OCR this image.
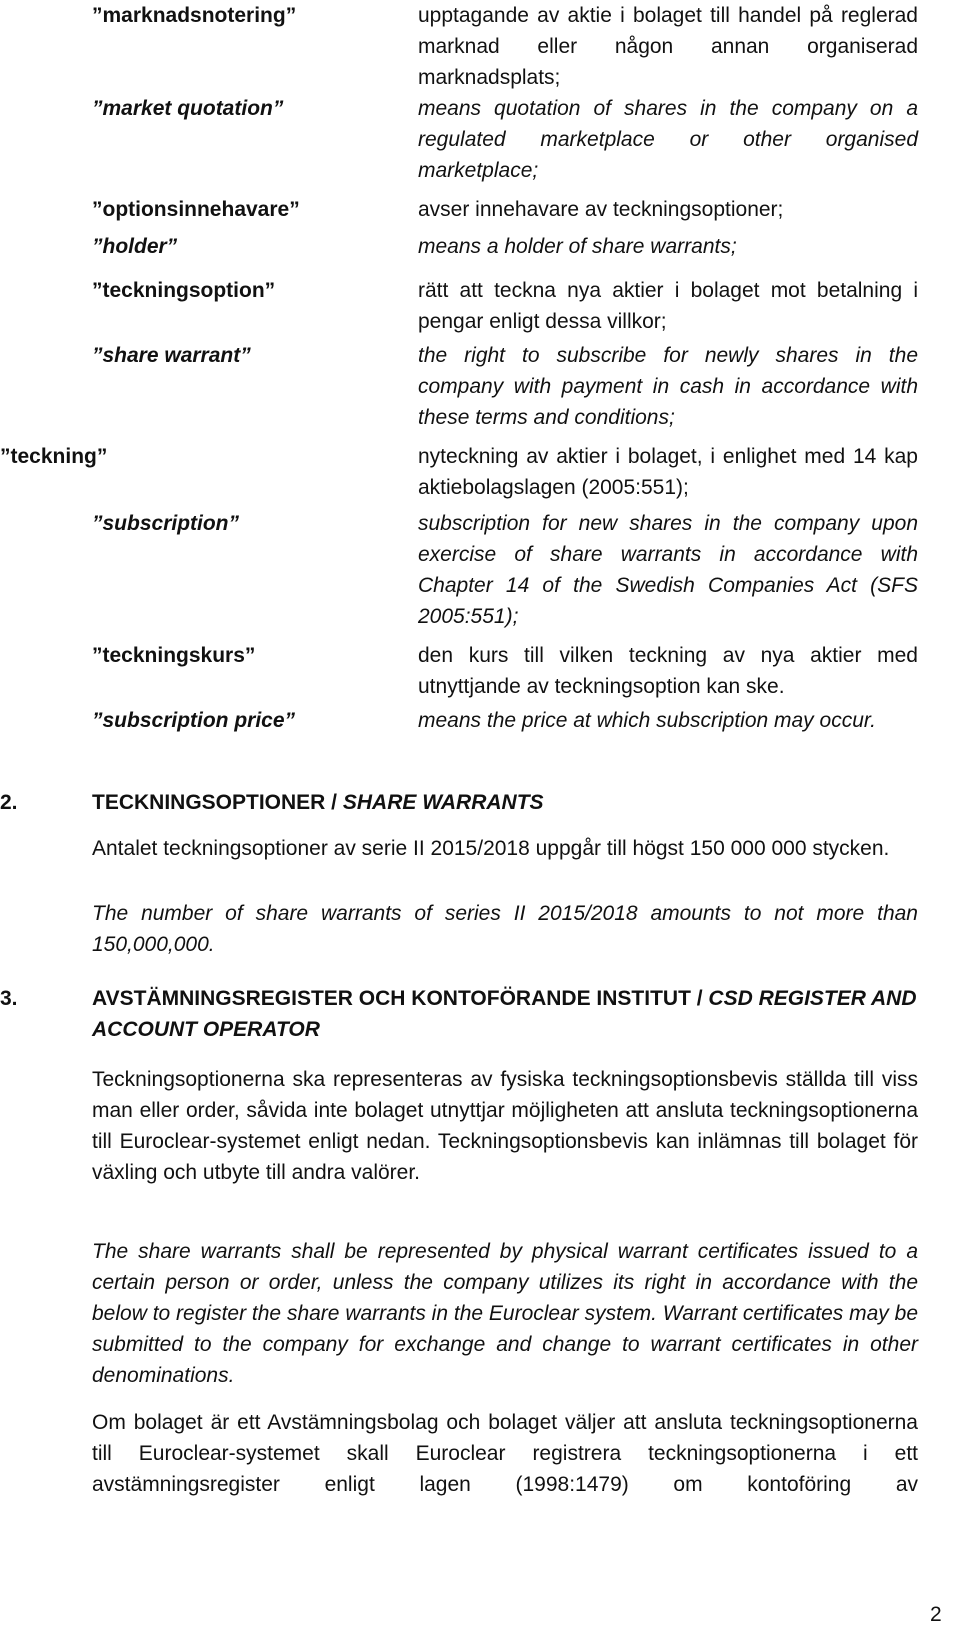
”marknadsnotering”	upptagande av aktie i bolaget till handel på reglerad marknad eller någon annan organiserad marknadsplats;
”market quotation”	means quotation of shares in the company on a regulated marketplace or other organised marketplace;
”optionsinnehavare”	avser innehavare av teckningsoptioner;
”holder”	means a holder of share warrants;
”teckningsoption”	rätt att teckna nya aktier i bolaget mot betalning i pengar enligt dessa villkor;
”share warrant”	the right to subscribe for newly shares in the company with payment in cash in accordance with these terms and conditions;
”teckning”	nyteckning av aktier i bolaget, i enlighet med 14 kap aktiebolagslagen (2005:551);
”subscription”	subscription for new shares in the company upon exercise of share warrants in accordance with Chapter 14 of the Swedish Companies Act (SFS 2005:551);
”teckningskurs”	den kurs till vilken teckning av nya aktier med utnyttjande av teckningsoption kan ske.
”subscription price”	means the price at which subscription may occur.
2.	TECKNINGSOPTIONER / SHARE WARRANTS
Antalet teckningsoptioner av serie II 2015/2018 uppgår till högst 150 000 000 stycken.
The number of share warrants of series II 2015/2018 amounts to not more than 150,000,000.
3.	AVSTÄMNINGSREGISTER OCH KONTOFÖRANDE INSTITUT / CSD REGISTER AND ACCOUNT OPERATOR
Teckningsoptionerna ska representeras av fysiska teckningsoptionsbevis ställda till viss man eller order, såvida inte bolaget utnyttjar möjligheten att ansluta teckningsoptionerna till Euroclear-systemet enligt nedan. Teckningsoptionsbevis kan inlämnas till bolaget för växling och utbyte till andra valörer.
The share warrants shall be represented by physical warrant certificates issued to a certain person or order, unless the company utilizes its right in accordance with the below to register the share warrants in the Euroclear system. Warrant certificates may be submitted to the company for exchange and change to warrant certificates in other denominations.
Om bolaget är ett Avstämningsbolag och bolaget väljer att ansluta teckningsoptionerna till Euroclear-systemet skall Euroclear registrera teckningsoptionerna i ett avstämningsregister enligt lagen (1998:1479) om kontoföring av
2
